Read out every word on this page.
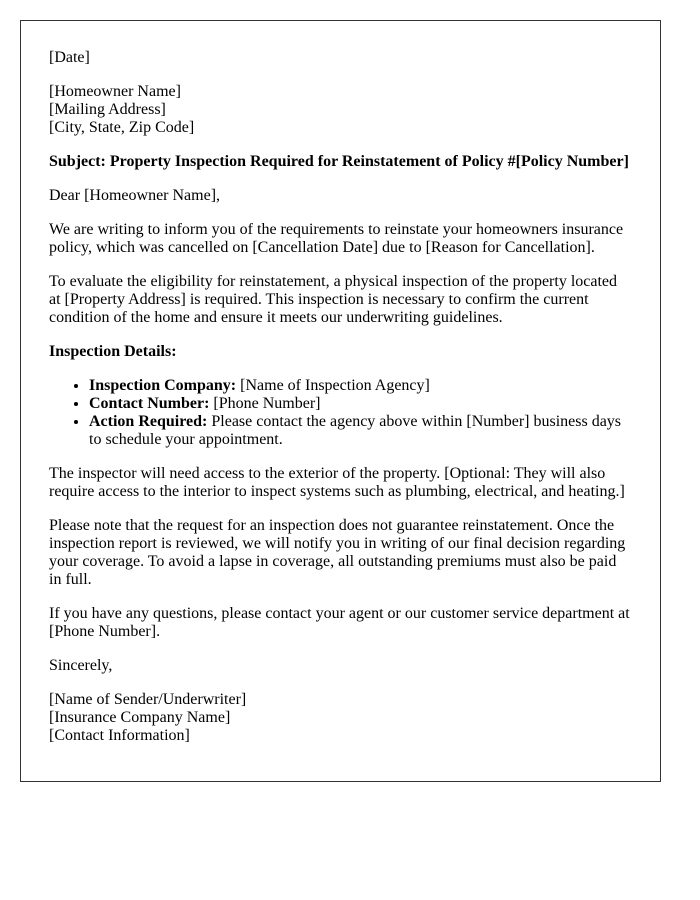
[Date]

[Homeowner Name]
[Mailing Address]
[City, State, Zip Code]

Subject: Property Inspection Required for Reinstatement of Policy #[Policy Number]

Dear [Homeowner Name],

We are writing to inform you of the requirements to reinstate your homeowners insurance policy, which was cancelled on [Cancellation Date] due to [Reason for Cancellation].

To evaluate the eligibility for reinstatement, a physical inspection of the property located at [Property Address] is required. This inspection is necessary to confirm the current condition of the home and ensure it meets our underwriting guidelines.

Inspection Details:

• Inspection Company: [Name of Inspection Agency]
• Contact Number: [Phone Number]
• Action Required: Please contact the agency above within [Number] business days to schedule your appointment.

The inspector will need access to the exterior of the property. [Optional: They will also require access to the interior to inspect systems such as plumbing, electrical, and heating.]

Please note that the request for an inspection does not guarantee reinstatement. Once the inspection report is reviewed, we will notify you in writing of our final decision regarding your coverage. To avoid a lapse in coverage, all outstanding premiums must also be paid in full.

If you have any questions, please contact your agent or our customer service department at [Phone Number].

Sincerely,

[Name of Sender/Underwriter]
[Insurance Company Name]
[Contact Information]
